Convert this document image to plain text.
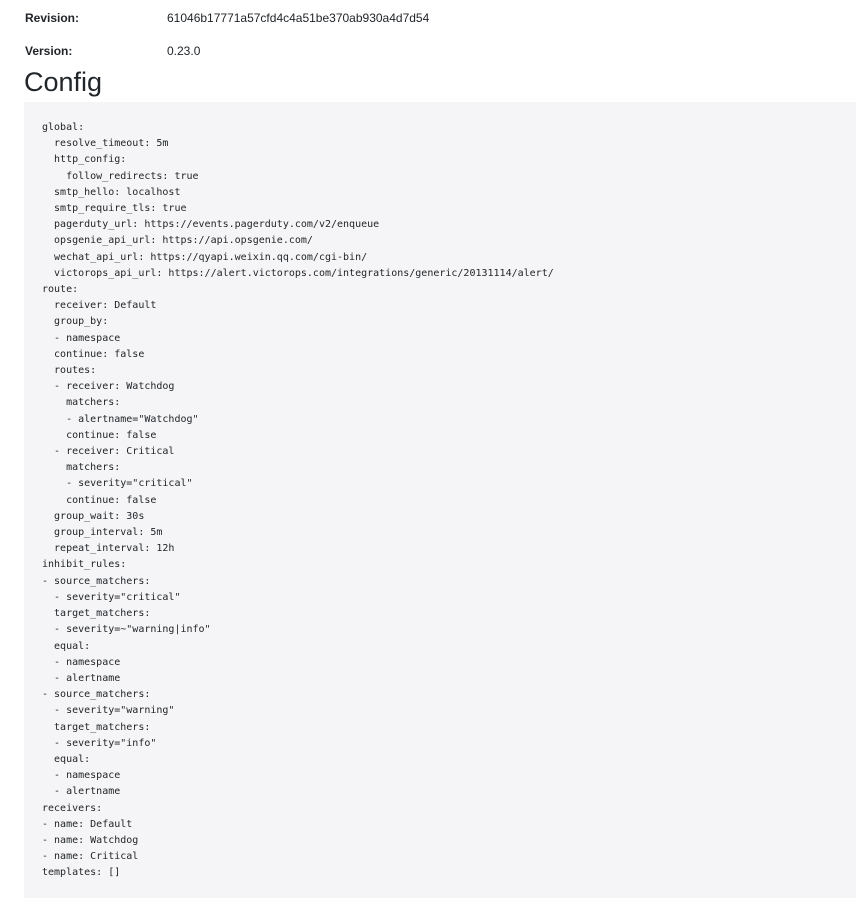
Revision:	61046b17771a57cfd4c4a51be370ab930a4d7d54
Version:	0.23.0
Config
global:
resolve_timeout: 5m
http_config:
follow_redirects: true
smtp_hello: localhost
smtp_require_tls: true
pagerduty_url: https://events.pagerduty.com/v2/enqueue
opsgenie_api_url: https://api.opsgenie.com/
wechat_api_url: https://qyapi.weixin.qq.com/cgi-bin/
victorops_api_url: https://alert.victorops.com/integrations/generic/20131114/alert/
route:
receiver: Default
group_by:
- namespace
continue: false
routes:
- receiver: Watchdog
matchers:
- alertname="Watchdog"
continue: false
- receiver: Critical
matchers:
- severity="critical"
continue: false
group_wait: 30s
group_interval: 5m
repeat_interval: 12h
inhibit_rules:
- source_matchers:
- severity="critical"
target_matchers:
- severity=~"warning|info"
equal:
- namespace
- alertname
- source_matchers:
- severity="warning"
target_matchers:
- severity="info"
equal:
- namespace
- alertname
receivers:
- name: Default
- name: Watchdog
- name: Critical
templates: []
